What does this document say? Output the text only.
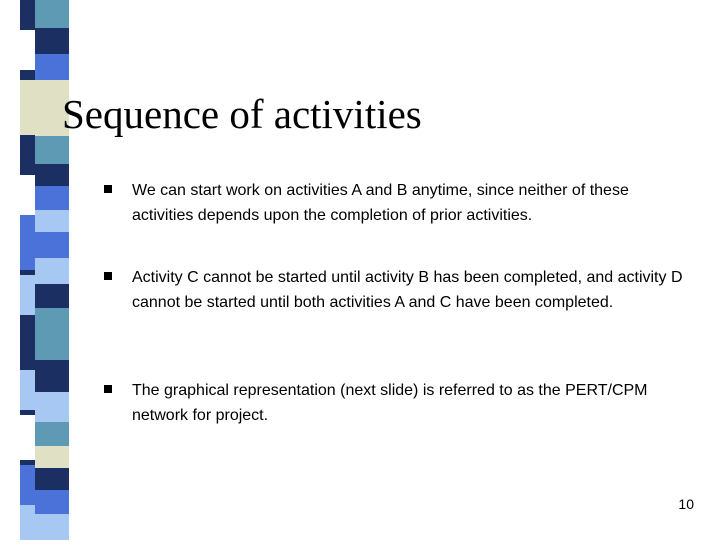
Sequence of activities
We can start work on activities A and B anytime, since neither of these activities depends upon the completion of prior activities.
Activity C cannot be started until activity B has been completed, and activity D cannot be started until both activities A and C have been completed.
The graphical representation (next slide) is referred to as the PERT/CPM network for project.
10
